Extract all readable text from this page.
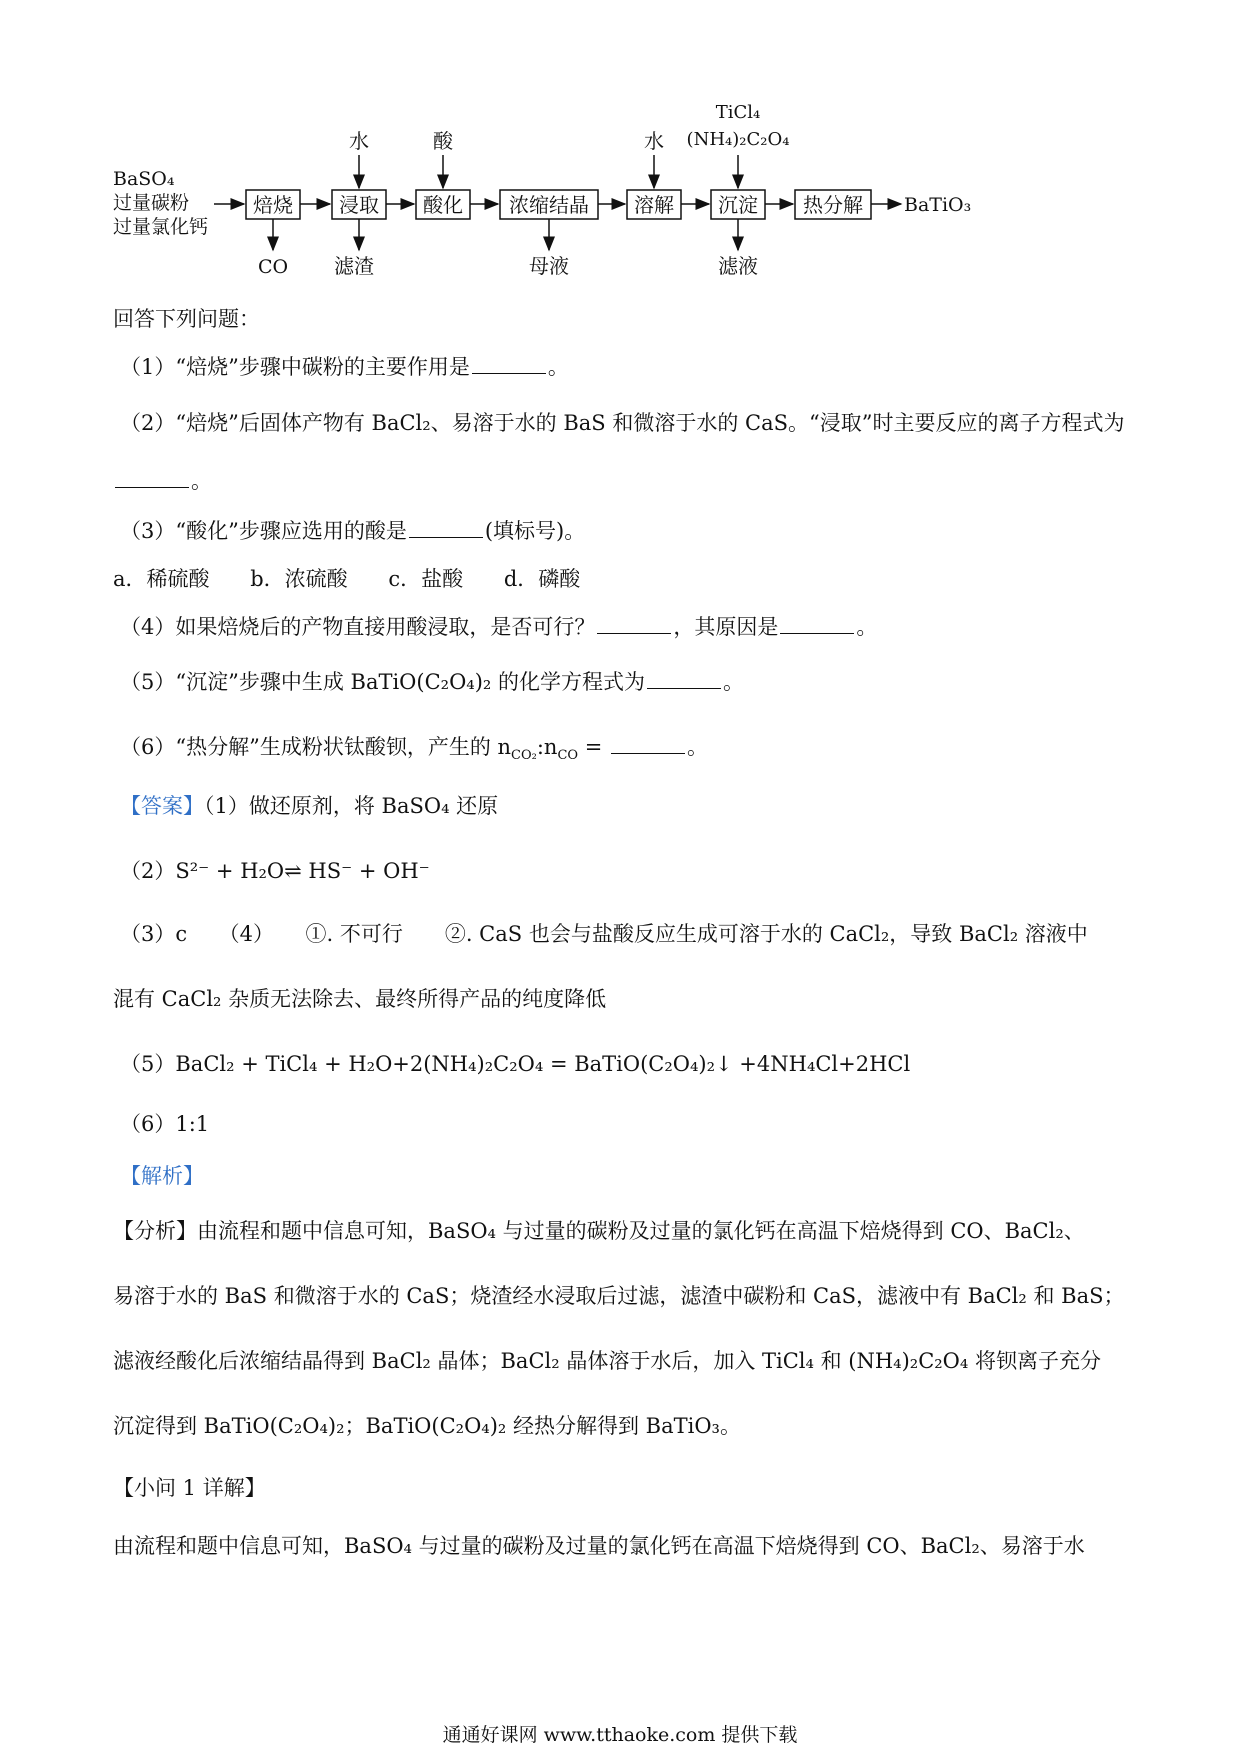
BaSO₄
过量碳粉
过量氯化钙
焙烧 浸取 酸化 浓缩结晶 溶解 沉淀 热分解 BaTiO₃
水	酸	水
TiCl₄
(NH₄)₂C₂O₄
CO 滤渣	母液	滤液
回答下列问题：
（1）“焙烧”步骤中碳粉的主要作用是	。
（2）“焙烧”后固体产物有 BaCl₂、易溶于水的 BaS 和微溶于水的 CaS。“浸取”时主要反应的离子方程式为
。
（3）“酸化”步骤应选用的酸是	(填标号)。
a．稀硫酸 b．浓硫酸 c．盐酸 d．磷酸
（4）如果焙烧后的产物直接用酸浸取，是否可行？	，其原因是	。
（5）“沉淀”步骤中生成 BaTiO(C₂O₄)₂ 的化学方程式为	。
（6）“热分解”生成粉状钛酸钡，产生的 $n_{CO_2}:n_{CO}$ =	。
【答案】（1）做还原剂，将 BaSO₄ 还原
（2）S²⁻ + H₂O⇌ HS⁻ + OH⁻
（3）c　　（4）　　①. 不可行　　②. CaS 也会与盐酸反应生成可溶于水的 CaCl₂，导致 BaCl₂ 溶液中
混有 CaCl₂ 杂质无法除去、最终所得产品的纯度降低
（5）BaCl₂ + TiCl₄ + H₂O+2(NH₄)₂C₂O₄ = BaTiO(C₂O₄)₂↓ +4NH₄Cl+2HCl
（6）1:1
【解析】
【分析】由流程和题中信息可知，BaSO₄ 与过量的碳粉及过量的氯化钙在高温下焙烧得到 CO、BaCl₂、
易溶于水的 BaS 和微溶于水的 CaS；烧渣经水浸取后过滤，滤渣中碳粉和 CaS，滤液中有 BaCl₂ 和 BaS；
滤液经酸化后浓缩结晶得到 BaCl₂ 晶体；BaCl₂ 晶体溶于水后，加入 TiCl₄ 和 (NH₄)₂C₂O₄ 将钡离子充分
沉淀得到 BaTiO(C₂O₄)₂；BaTiO(C₂O₄)₂ 经热分解得到 BaTiO₃。
【小问 1 详解】
由流程和题中信息可知，BaSO₄ 与过量的碳粉及过量的氯化钙在高温下焙烧得到 CO、BaCl₂、易溶于水
通通好课网 www.tthaoke.com 提供下载
